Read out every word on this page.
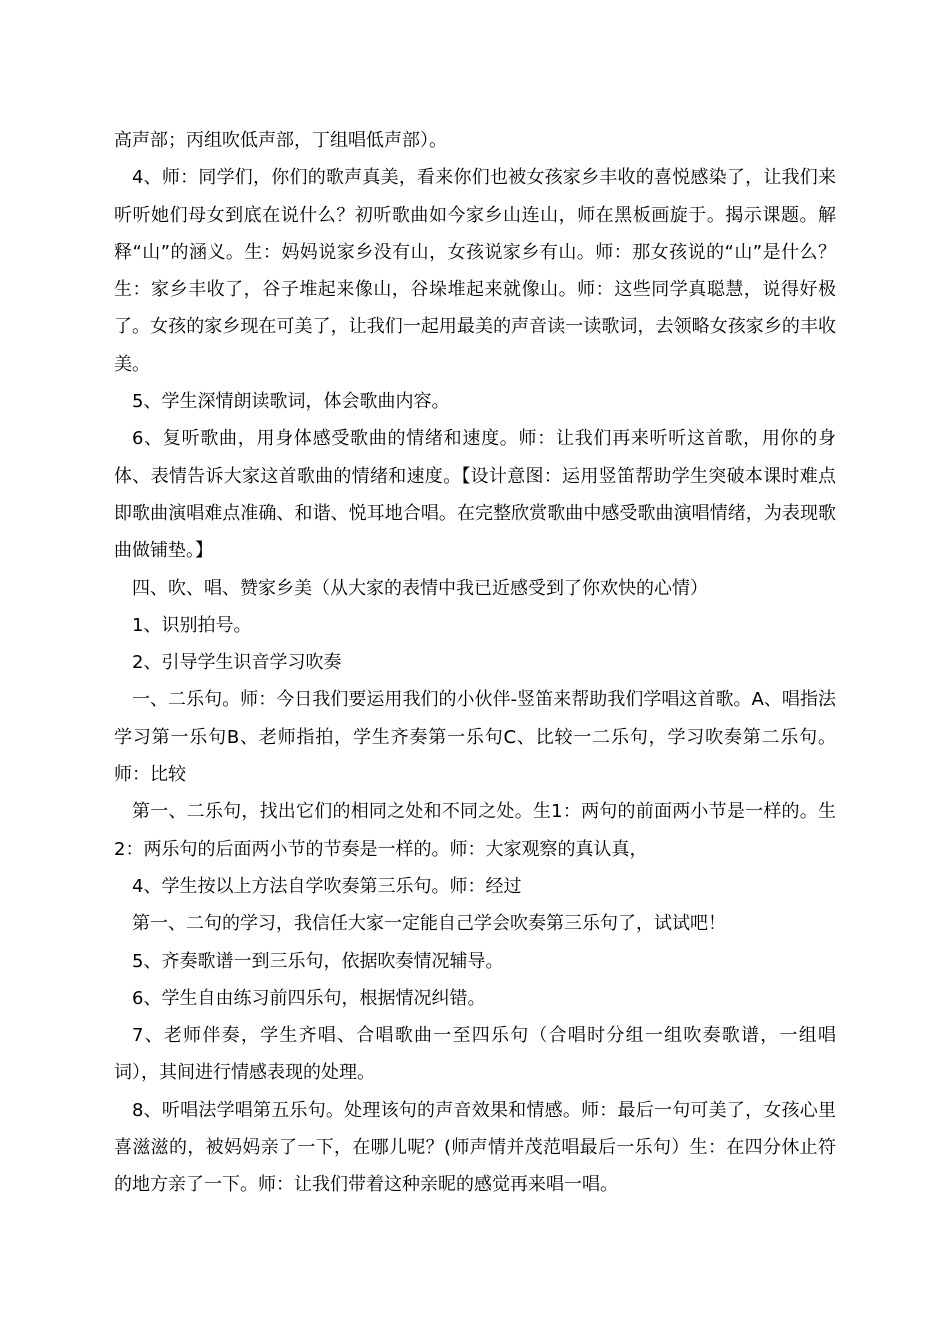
高声部；丙组吹低声部，丁组唱低声部）。

4、师：同学们，你们的歌声真美，看来你们也被女孩家乡丰收的喜悦感染了，让我们来听听她们母女到底在说什么？初听歌曲如今家乡山连山，师在黑板画旋于。揭示课题。解释“山”的涵义。生：妈妈说家乡没有山，女孩说家乡有山。师：那女孩说的“山”是什么？生：家乡丰收了，谷子堆起来像山，谷垛堆起来就像山。师：这些同学真聪慧，说得好极了。女孩的家乡现在可美了，让我们一起用最美的声音读一读歌词，去领略女孩家乡的丰收美。

5、学生深情朗读歌词，体会歌曲内容。

6、复听歌曲，用身体感受歌曲的情绪和速度。师：让我们再来听听这首歌，用你的身体、表情告诉大家这首歌曲的情绪和速度。【设计意图：运用竖笛帮助学生突破本课时难点即歌曲演唱难点准确、和谐、悦耳地合唱。在完整欣赏歌曲中感受歌曲演唱情绪，为表现歌曲做铺垫。】

四、吹、唱、赞家乡美（从大家的表情中我已近感受到了你欢快的心情）

1、识别拍号。

2、引导学生识音学习吹奏

一、二乐句。师：今日我们要运用我们的小伙伴-竖笛来帮助我们学唱这首歌。A、唱指法学习第一乐句B、老师指拍，学生齐奏第一乐句C、比较一二乐句，学习吹奏第二乐句。师：比较

第一、二乐句，找出它们的相同之处和不同之处。生1：两句的前面两小节是一样的。生2：两乐句的后面两小节的节奏是一样的。师：大家观察的真认真，

4、学生按以上方法自学吹奏第三乐句。师：经过

第一、二句的学习，我信任大家一定能自己学会吹奏第三乐句了，试试吧！

5、齐奏歌谱一到三乐句，依据吹奏情况辅导。

6、学生自由练习前四乐句，根据情况纠错。

7、老师伴奏，学生齐唱、合唱歌曲一至四乐句（合唱时分组一组吹奏歌谱，一组唱词），其间进行情感表现的处理。

8、听唱法学唱第五乐句。处理该句的声音效果和情感。师：最后一句可美了，女孩心里喜滋滋的，被妈妈亲了一下，在哪儿呢？(师声情并茂范唱最后一乐句）生：在四分休止符的地方亲了一下。师：让我们带着这种亲昵的感觉再来唱一唱。
